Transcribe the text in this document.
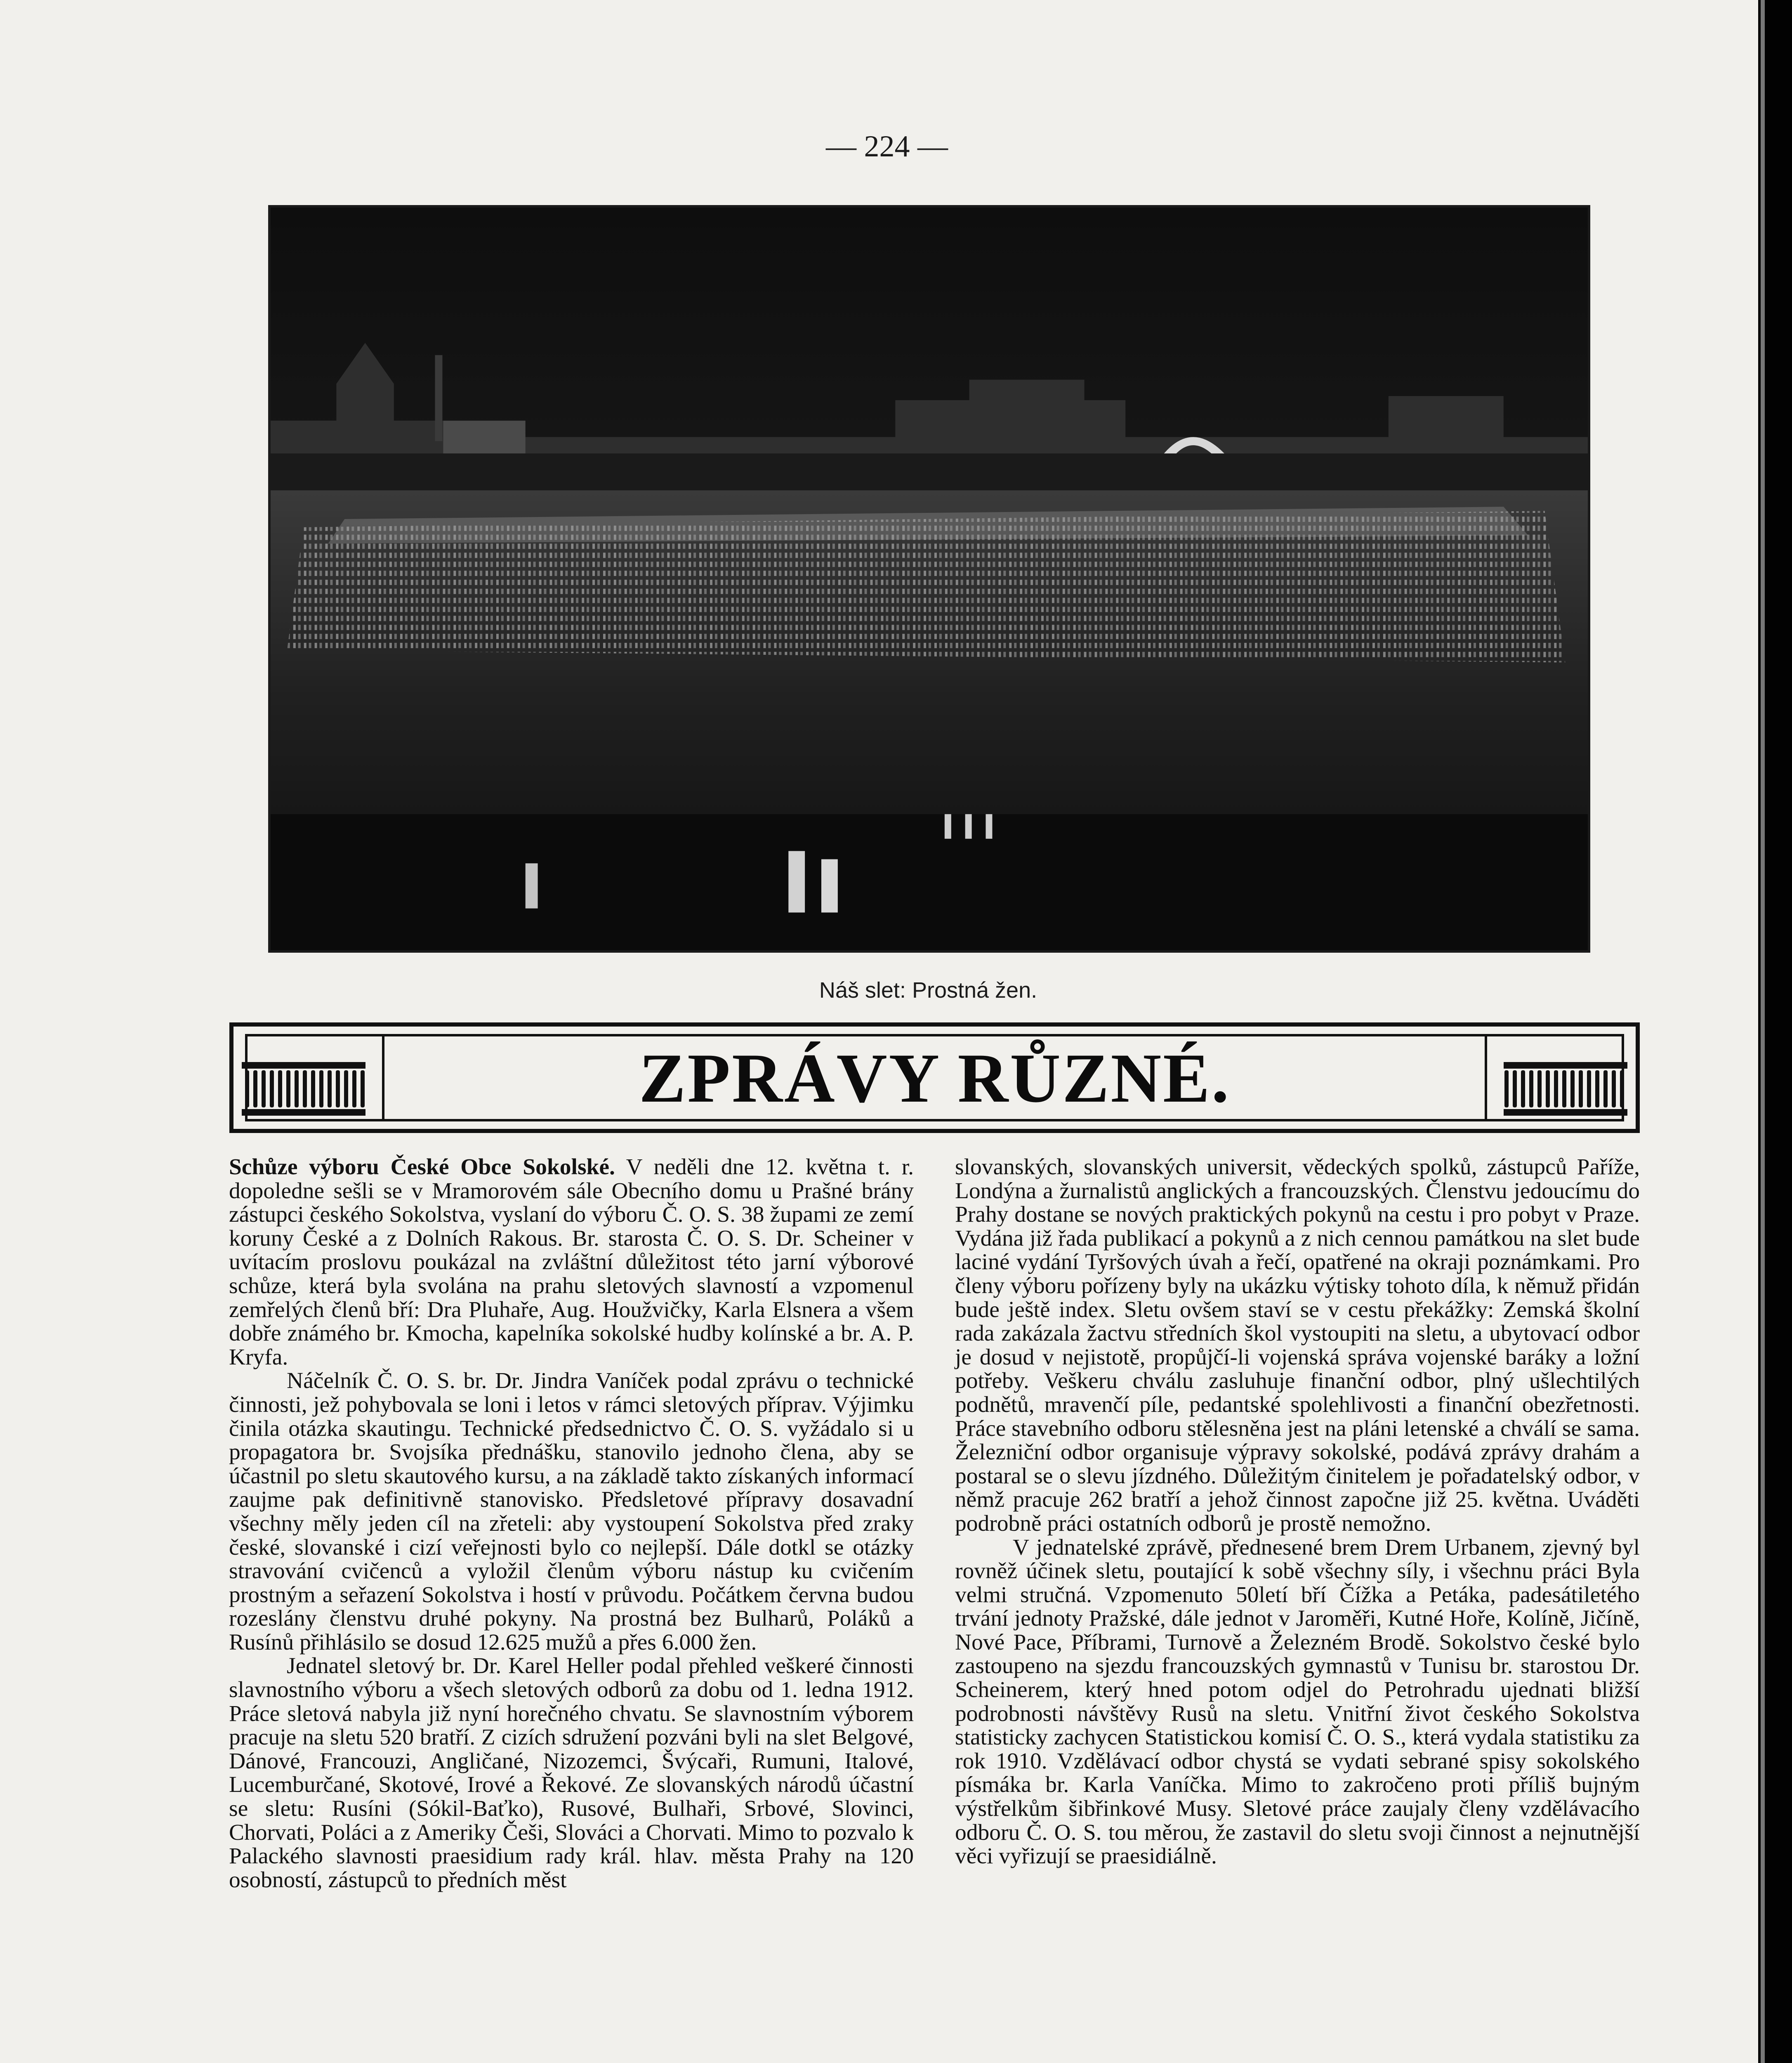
— 224 —
Náš slet: Prostná žen.
ZPRÁVY RŮZNÉ.

Schůze výboru České Obce Sokolské. V neděli dne 12. května t. r. dopoledne sešli se v Mramorovém sále Obecního domu u Prašné brány zástupci českého Sokolstva, vyslaní do výboru Č. O. S. 38 župami ze zemí koruny České a z Dolních Rakous. Br. starosta Č. O. S. Dr. Scheiner v uvítacím proslovu poukázal na zvláštní důležitost této jarní výborové schůze, která byla svolána na prahu sletových slavností a vzpomenul zemřelých členů bří: Dra Pluhaře, Aug. Houžvičky, Karla Elsnera a všem dobře známého br. Kmocha, kapelníka sokolské hudby kolínské a br. A. P. Kryfa.

Náčelník Č. O. S. br. Dr. Jindra Vaníček podal zprávu o technické činnosti, jež pohybovala se loni i letos v rámci sletových příprav. Výjimku činila otázka skautingu. Technické předsednictvo Č. O. S. vyžádalo si u propagatora br. Svojsíka přednášku, stanovilo jednoho člena, aby se účastnil po sletu skautového kursu, a na základě takto získaných informací zaujme pak definitivně stanovisko. Předsletové přípravy dosavadní všechny měly jeden cíl na zřeteli: aby vystoupení Sokolstva před zraky české, slovanské i cizí veřejnosti bylo co nejlepší. Dále dotkl se otázky stravování cvičenců a vyložil členům výboru nástup ku cvičením prostným a seřazení Sokolstva i hostí v průvodu. Počátkem června budou rozeslány členstvu druhé pokyny. Na prostná bez Bulharů, Poláků a Rusínů přihlásilo se dosud 12.625 mužů a přes 6.000 žen.

Jednatel sletový br. Dr. Karel Heller podal přehled veškeré činnosti slavnostního výboru a všech sletových odborů za dobu od 1. ledna 1912. Práce sletová nabyla již nyní horečného chvatu. Se slavnostním výborem pracuje na sletu 520 bratří. Z cizích sdružení pozváni byli na slet Belgové, Dánové, Francouzi, Angličané, Nizozemci, Švýcaři, Rumuni, Italové, Lucemburčané, Skotové, Irové a Řekové. Ze slovanských národů účastní se sletu: Rusíni (Sókil-Baťko), Rusové, Bulhaři, Srbové, Slovinci, Chorvati, Poláci a z Ameriky Češi, Slováci a Chorvati. Mimo to pozvalo k Palackého slavnosti praesidium rady král. hlav. města Prahy na 120 osobností, zástupců to předních měst

slovanských, slovanských universit, vědeckých spolků, zástupců Paříže, Londýna a žurnalistů anglických a francouzských. Členstvu jedoucímu do Prahy dostane se nových praktických pokynů na cestu i pro pobyt v Praze. Vydána již řada publikací a pokynů a z nich cennou památkou na slet bude laciné vydání Tyršových úvah a řečí, opatřené na okraji poznámkami. Pro členy výboru pořízeny byly na ukázku výtisky tohoto díla, k němuž přidán bude ještě index. Sletu ovšem staví se v cestu překážky: Zemská školní rada zakázala žactvu středních škol vystoupiti na sletu, a ubytovací odbor je dosud v nejistotě, propůjčí-li vojenská správa vojenské baráky a ložní potřeby. Veškeru chválu zasluhuje finanční odbor, plný ušlechtilých podnětů, mravenčí píle, pedantské spolehlivosti a finanční obezřetnosti. Práce stavebního odboru stělesněna jest na pláni letenské a chválí se sama. Železniční odbor organisuje výpravy sokolské, podává zprávy drahám a postaral se o slevu jízdného. Důležitým činitelem je pořadatelský odbor, v němž pracuje 262 bratří a jehož činnost započne již 25. května. Uváděti podrobně práci ostatních odborů je prostě nemožno.

V jednatelské zprávě, přednesené brem Drem Urbanem, zjevný byl rovněž účinek sletu, poutající k sobě všechny síly, i všechnu práci Byla velmi stručná. Vzpomenuto 50letí bří Čížka a Petáka, padesátiletého trvání jednoty Pražské, dále jednot v Jaroměři, Kutné Hoře, Kolíně, Jičíně, Nové Pace, Příbrami, Turnově a Železném Brodě. Sokolstvo české bylo zastoupeno na sjezdu francouzských gymnastů v Tunisu br. starostou Dr. Scheinerem, který hned potom odjel do Petrohradu ujednati bližší podrobnosti návštěvy Rusů na sletu. Vnitřní život českého Sokolstva statisticky zachycen Statistickou komisí Č. O. S., která vydala statistiku za rok 1910. Vzdělávací odbor chystá se vydati sebrané spisy sokolského písmáka br. Karla Vaníčka. Mimo to zakročeno proti příliš bujným výstřelkům šibřinkové Musy. Sletové práce zaujaly členy vzdělávacího odboru Č. O. S. tou měrou, že zastavil do sletu svoji činnost a nejnutnější věci vyřizují se praesidiálně.
